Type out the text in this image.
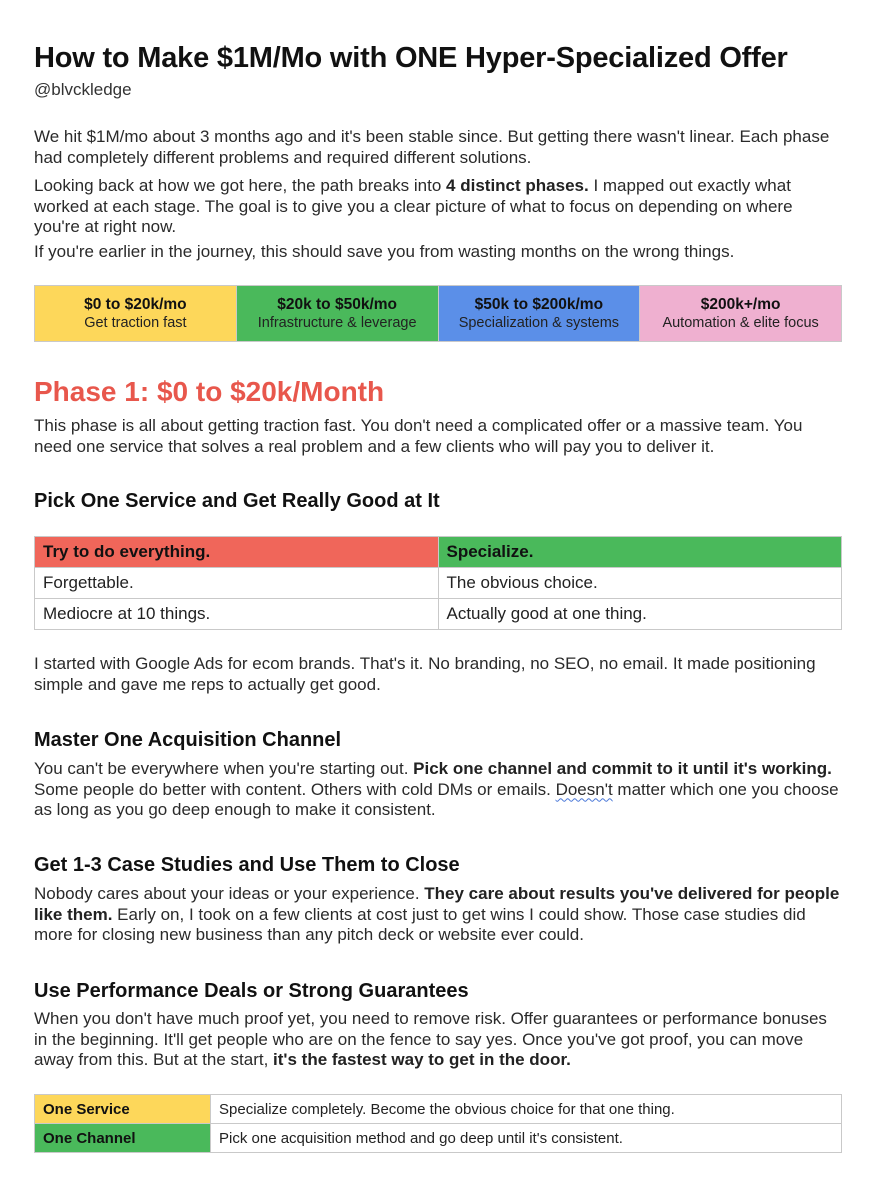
How to Make $1M/Mo with ONE Hyper-Specialized Offer
@blvckledge
We hit $1M/mo about 3 months ago and it's been stable since. But getting there wasn't linear. Each phase had completely different problems and required different solutions.
Looking back at how we got here, the path breaks into 4 distinct phases. I mapped out exactly what worked at each stage. The goal is to give you a clear picture of what to focus on depending on where you're at right now.
If you're earlier in the journey, this should save you from wasting months on the wrong things.
$0 to $20k/mo
Get traction fast
$20k to $50k/mo
Infrastructure & leverage
$50k to $200k/mo
Specialization & systems
$200k+/mo
Automation & elite focus
Phase 1: $0 to $20k/Month
This phase is all about getting traction fast. You don't need a complicated offer or a massive team. You need one service that solves a real problem and a few clients who will pay you to deliver it.
Pick One Service and Get Really Good at It
Try to do everything.	Specialize.
Forgettable.	The obvious choice.
Mediocre at 10 things.	Actually good at one thing.
I started with Google Ads for ecom brands. That's it. No branding, no SEO, no email. It made positioning simple and gave me reps to actually get good.
Master One Acquisition Channel
You can't be everywhere when you're starting out. Pick one channel and commit to it until it's working. Some people do better with content. Others with cold DMs or emails. Doesn't matter which one you choose as long as you go deep enough to make it consistent.
Get 1-3 Case Studies and Use Them to Close
Nobody cares about your ideas or your experience. They care about results you've delivered for people like them. Early on, I took on a few clients at cost just to get wins I could show. Those case studies did more for closing new business than any pitch deck or website ever could.
Use Performance Deals or Strong Guarantees
When you don't have much proof yet, you need to remove risk. Offer guarantees or performance bonuses in the beginning. It'll get people who are on the fence to say yes. Once you've got proof, you can move away from this. But at the start, it's the fastest way to get in the door.
One Service	Specialize completely. Become the obvious choice for that one thing.
One Channel	Pick one acquisition method and go deep until it's consistent.
